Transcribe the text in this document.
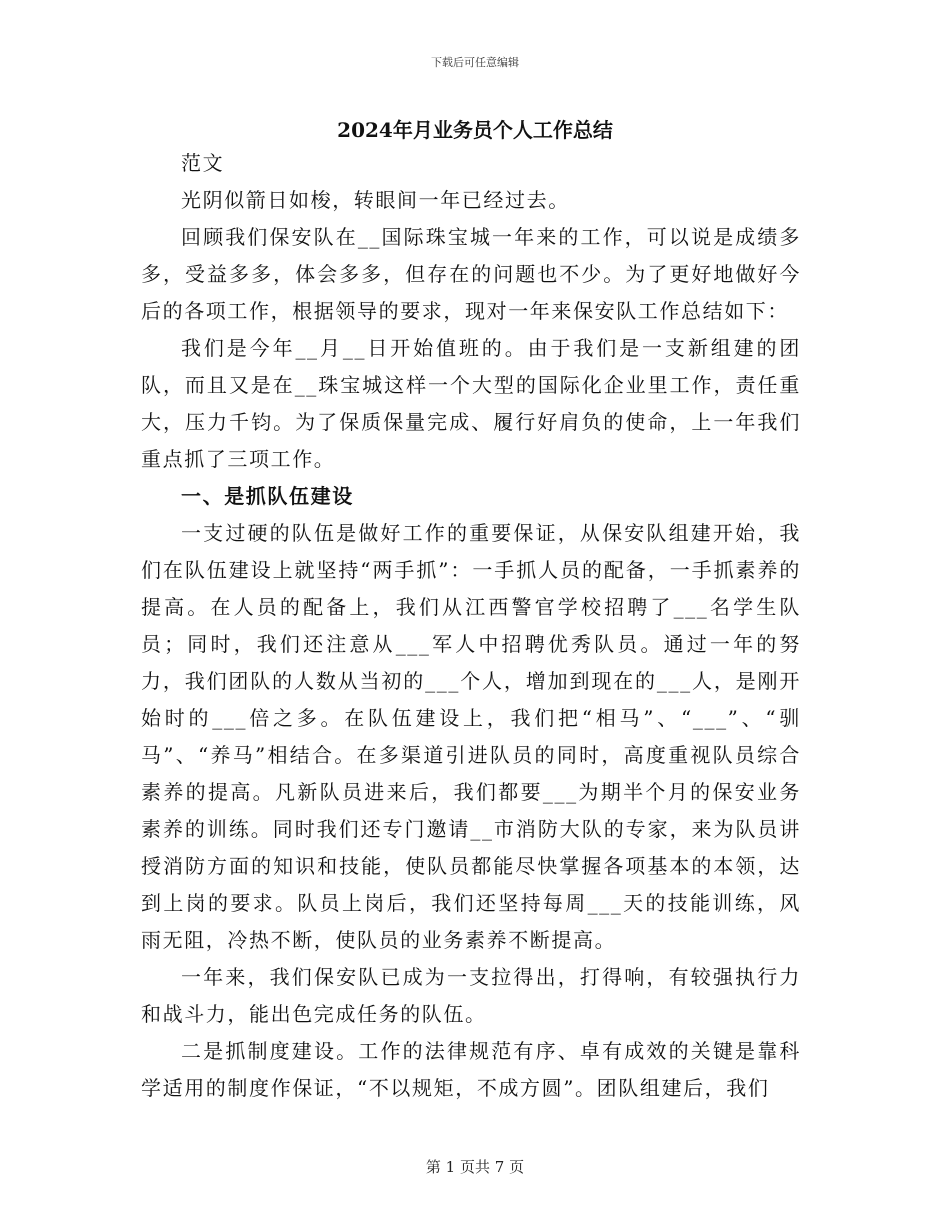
下载后可任意编辑
2024年月业务员个人工作总结

范文

光阴似箭日如梭，转眼间一年已经过去。

回顾我们保安队在__国际珠宝城一年来的工作，可以说是成绩多多，受益多多，体会多多，但存在的问题也不少。为了更好地做好今后的各项工作，根据领导的要求，现对一年来保安队工作总结如下：

我们是今年__月__日开始值班的。由于我们是一支新组建的团队，而且又是在__珠宝城这样一个大型的国际化企业里工作，责任重大，压力千钧。为了保质保量完成、履行好肩负的使命，上一年我们重点抓了三项工作。

一、是抓队伍建设

一支过硬的队伍是做好工作的重要保证，从保安队组建开始，我们在队伍建设上就坚持“两手抓”：一手抓人员的配备，一手抓素养的提高。在人员的配备上，我们从江西警官学校招聘了___名学生队员；同时，我们还注意从___军人中招聘优秀队员。通过一年的努力，我们团队的人数从当初的___个人，增加到现在的___人，是刚开始时的___倍之多。在队伍建设上，我们把“相马”、“___”、“驯马”、“养马”相结合。在多渠道引进队员的同时，高度重视队员综合素养的提高。凡新队员进来后，我们都要___为期半个月的保安业务素养的训练。同时我们还专门邀请__市消防大队的专家，来为队员讲授消防方面的知识和技能，使队员都能尽快掌握各项基本的本领，达到上岗的要求。队员上岗后，我们还坚持每周___天的技能训练，风雨无阻，冷热不断，使队员的业务素养不断提高。

一年来，我们保安队已成为一支拉得出，打得响，有较强执行力和战斗力，能出色完成任务的队伍。

二是抓制度建设。工作的法律规范有序、卓有成效的关键是靠科学适用的制度作保证，“不以规矩，不成方圆”。团队组建后，我们

第 1 页共 7 页
